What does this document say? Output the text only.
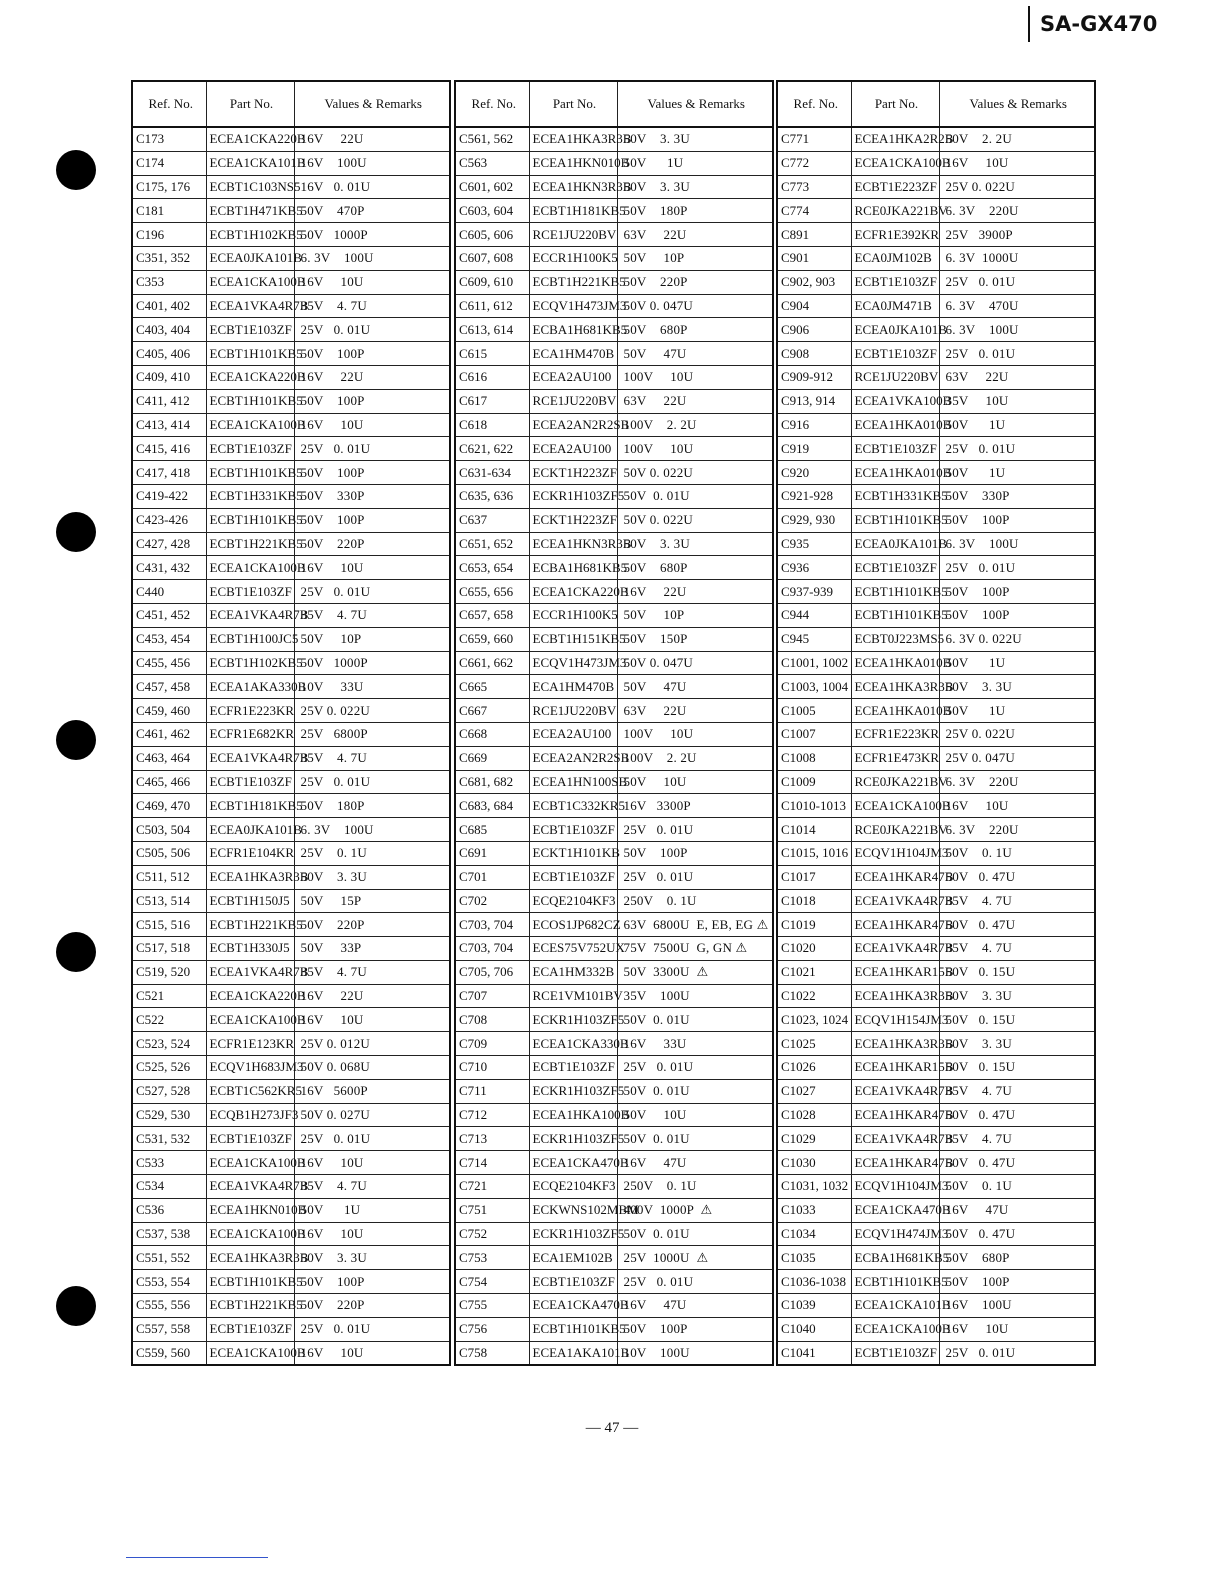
SA-GX470
Ref. No.	Part No.	Values & Remarks
C173	ECEA1CKA220B	16V     22U
C174	ECEA1CKA101B	16V    100U
C175, 176	ECBT1C103NS5	16V   0. 01U
C181	ECBT1H471KB5	50V    470P
C196	ECBT1H102KB5	50V   1000P
C351, 352	ECEA0JKA101B	6. 3V    100U
C353	ECEA1CKA100B	16V     10U
C401, 402	ECEA1VKA4R7B	35V    4. 7U
C403, 404	ECBT1E103ZF	25V   0. 01U
C405, 406	ECBT1H101KB5	50V    100P
C409, 410	ECEA1CKA220B	16V     22U
C411, 412	ECBT1H101KB5	50V    100P
C413, 414	ECEA1CKA100B	16V     10U
C415, 416	ECBT1E103ZF	25V   0. 01U
C417, 418	ECBT1H101KB5	50V    100P
C419-422	ECBT1H331KB5	50V    330P
C423-426	ECBT1H101KB5	50V    100P
C427, 428	ECBT1H221KB5	50V    220P
C431, 432	ECEA1CKA100B	16V     10U
C440	ECBT1E103ZF	25V   0. 01U
C451, 452	ECEA1VKA4R7B	35V    4. 7U
C453, 454	ECBT1H100JC5	50V     10P
C455, 456	ECBT1H102KB5	50V   1000P
C457, 458	ECEA1AKA330B	10V     33U
C459, 460	ECFR1E223KR	25V 0. 022U
C461, 462	ECFR1E682KR	25V   6800P
C463, 464	ECEA1VKA4R7B	35V    4. 7U
C465, 466	ECBT1E103ZF	25V   0. 01U
C469, 470	ECBT1H181KB5	50V    180P
C503, 504	ECEA0JKA101B	6. 3V    100U
C505, 506	ECFR1E104KR	25V    0. 1U
C511, 512	ECEA1HKA3R3B	50V    3. 3U
C513, 514	ECBT1H150J5	50V     15P
C515, 516	ECBT1H221KB5	50V    220P
C517, 518	ECBT1H330J5	50V     33P
C519, 520	ECEA1VKA4R7B	35V    4. 7U
C521	ECEA1CKA220B	16V     22U
C522	ECEA1CKA100B	16V     10U
C523, 524	ECFR1E123KR	25V 0. 012U
C525, 526	ECQV1H683JM3	50V 0. 068U
C527, 528	ECBT1C562KR5	16V   5600P
C529, 530	ECQB1H273JF3	50V 0. 027U
C531, 532	ECBT1E103ZF	25V   0. 01U
C533	ECEA1CKA100B	16V     10U
C534	ECEA1VKA4R7B	35V    4. 7U
C536	ECEA1HKN010B	50V      1U
C537, 538	ECEA1CKA100B	16V     10U
C551, 552	ECEA1HKA3R3B	50V    3. 3U
C553, 554	ECBT1H101KB5	50V    100P
C555, 556	ECBT1H221KB5	50V    220P
C557, 558	ECBT1E103ZF	25V   0. 01U
C559, 560	ECEA1CKA100B	16V     10U
Ref. No.	Part No.	Values & Remarks
C561, 562	ECEA1HKA3R3B	50V    3. 3U
C563	ECEA1HKN010B	50V      1U
C601, 602	ECEA1HKN3R3B	50V    3. 3U
C603, 604	ECBT1H181KB5	50V    180P
C605, 606	RCE1JU220BV	63V     22U
C607, 608	ECCR1H100K5	50V     10P
C609, 610	ECBT1H221KB5	50V    220P
C611, 612	ECQV1H473JM3	50V 0. 047U
C613, 614	ECBA1H681KB5	50V    680P
C615	ECA1HM470B	50V     47U
C616	ECEA2AU100	100V     10U
C617	RCE1JU220BV	63V     22U
C618	ECEA2AN2R2SB	100V    2. 2U
C621, 622	ECEA2AU100	100V     10U
C631-634	ECKT1H223ZF	50V 0. 022U
C635, 636	ECKR1H103ZF5	50V  0. 01U
C637	ECKT1H223ZF	50V 0. 022U
C651, 652	ECEA1HKN3R3B	50V    3. 3U
C653, 654	ECBA1H681KB5	50V    680P
C655, 656	ECEA1CKA220B	16V     22U
C657, 658	ECCR1H100K5	50V     10P
C659, 660	ECBT1H151KB5	50V    150P
C661, 662	ECQV1H473JM3	50V 0. 047U
C665	ECA1HM470B	50V     47U
C667	RCE1JU220BV	63V     22U
C668	ECEA2AU100	100V     10U
C669	ECEA2AN2R2SB	100V    2. 2U
C681, 682	ECEA1HN100SB	50V     10U
C683, 684	ECBT1C332KR5	16V   3300P
C685	ECBT1E103ZF	25V   0. 01U
C691	ECKT1H101KB	50V    100P
C701	ECBT1E103ZF	25V   0. 01U
C702	ECQE2104KF3	250V    0. 1U
C703, 704	ECOS1JP682CZ	63V  6800U  E, EB, EG ⚠
C703, 704	ECES75V752UX	75V  7500U  G, GN ⚠
C705, 706	ECA1HM332B	50V  3300U  ⚠
C707	RCE1VM101BV	35V    100U
C708	ECKR1H103ZF5	50V  0. 01U
C709	ECEA1CKA330B	16V     33U
C710	ECBT1E103ZF	25V   0. 01U
C711	ECKR1H103ZF5	50V  0. 01U
C712	ECEA1HKA100B	50V     10U
C713	ECKR1H103ZF5	50V  0. 01U
C714	ECEA1CKA470B	16V     47U
C721	ECQE2104KF3	250V    0. 1U
C751	ECKWNS102MBM	400V  1000P  ⚠
C752	ECKR1H103ZF5	50V  0. 01U
C753	ECA1EM102B	25V  1000U  ⚠
C754	ECBT1E103ZF	25V   0. 01U
C755	ECEA1CKA470B	16V     47U
C756	ECBT1H101KB5	50V    100P
C758	ECEA1AKA101B	10V    100U
Ref. No.	Part No.	Values & Remarks
C771	ECEA1HKA2R2B	50V    2. 2U
C772	ECEA1CKA100B	16V     10U
C773	ECBT1E223ZF	25V 0. 022U
C774	RCE0JKA221BV	6. 3V    220U
C891	ECFR1E392KR	25V   3900P
C901	ECA0JM102B	6. 3V  1000U
C902, 903	ECBT1E103ZF	25V   0. 01U
C904	ECA0JM471B	6. 3V    470U
C906	ECEA0JKA101B	6. 3V    100U
C908	ECBT1E103ZF	25V   0. 01U
C909-912	RCE1JU220BV	63V     22U
C913, 914	ECEA1VKA100B	35V     10U
C916	ECEA1HKA010B	50V      1U
C919	ECBT1E103ZF	25V   0. 01U
C920	ECEA1HKA010B	50V      1U
C921-928	ECBT1H331KB5	50V    330P
C929, 930	ECBT1H101KB5	50V    100P
C935	ECEA0JKA101B	6. 3V    100U
C936	ECBT1E103ZF	25V   0. 01U
C937-939	ECBT1H101KB5	50V    100P
C944	ECBT1H101KB5	50V    100P
C945	ECBT0J223MS5	6. 3V 0. 022U
C1001, 1002	ECEA1HKA010B	50V      1U
C1003, 1004	ECEA1HKA3R3B	50V    3. 3U
C1005	ECEA1HKA010B	50V      1U
C1007	ECFR1E223KR	25V 0. 022U
C1008	ECFR1E473KR	25V 0. 047U
C1009	RCE0JKA221BV	6. 3V    220U
C1010-1013	ECEA1CKA100B	16V     10U
C1014	RCE0JKA221BV	6. 3V    220U
C1015, 1016	ECQV1H104JM3	50V    0. 1U
C1017	ECEA1HKAR47B	50V   0. 47U
C1018	ECEA1VKA4R7B	35V    4. 7U
C1019	ECEA1HKAR47B	50V   0. 47U
C1020	ECEA1VKA4R7B	35V    4. 7U
C1021	ECEA1HKAR15B	50V   0. 15U
C1022	ECEA1HKA3R3B	50V    3. 3U
C1023, 1024	ECQV1H154JM3	50V   0. 15U
C1025	ECEA1HKA3R3B	50V    3. 3U
C1026	ECEA1HKAR15B	50V   0. 15U
C1027	ECEA1VKA4R7B	35V    4. 7U
C1028	ECEA1HKAR47B	50V   0. 47U
C1029	ECEA1VKA4R7B	35V    4. 7U
C1030	ECEA1HKAR47B	50V   0. 47U
C1031, 1032	ECQV1H104JM3	50V    0. 1U
C1033	ECEA1CKA470B	16V     47U
C1034	ECQV1H474JM3	50V   0. 47U
C1035	ECBA1H681KB5	50V    680P
C1036-1038	ECBT1H101KB5	50V    100P
C1039	ECEA1CKA101B	16V    100U
C1040	ECEA1CKA100B	16V     10U
C1041	ECBT1E103ZF	25V   0. 01U
— 47 —
